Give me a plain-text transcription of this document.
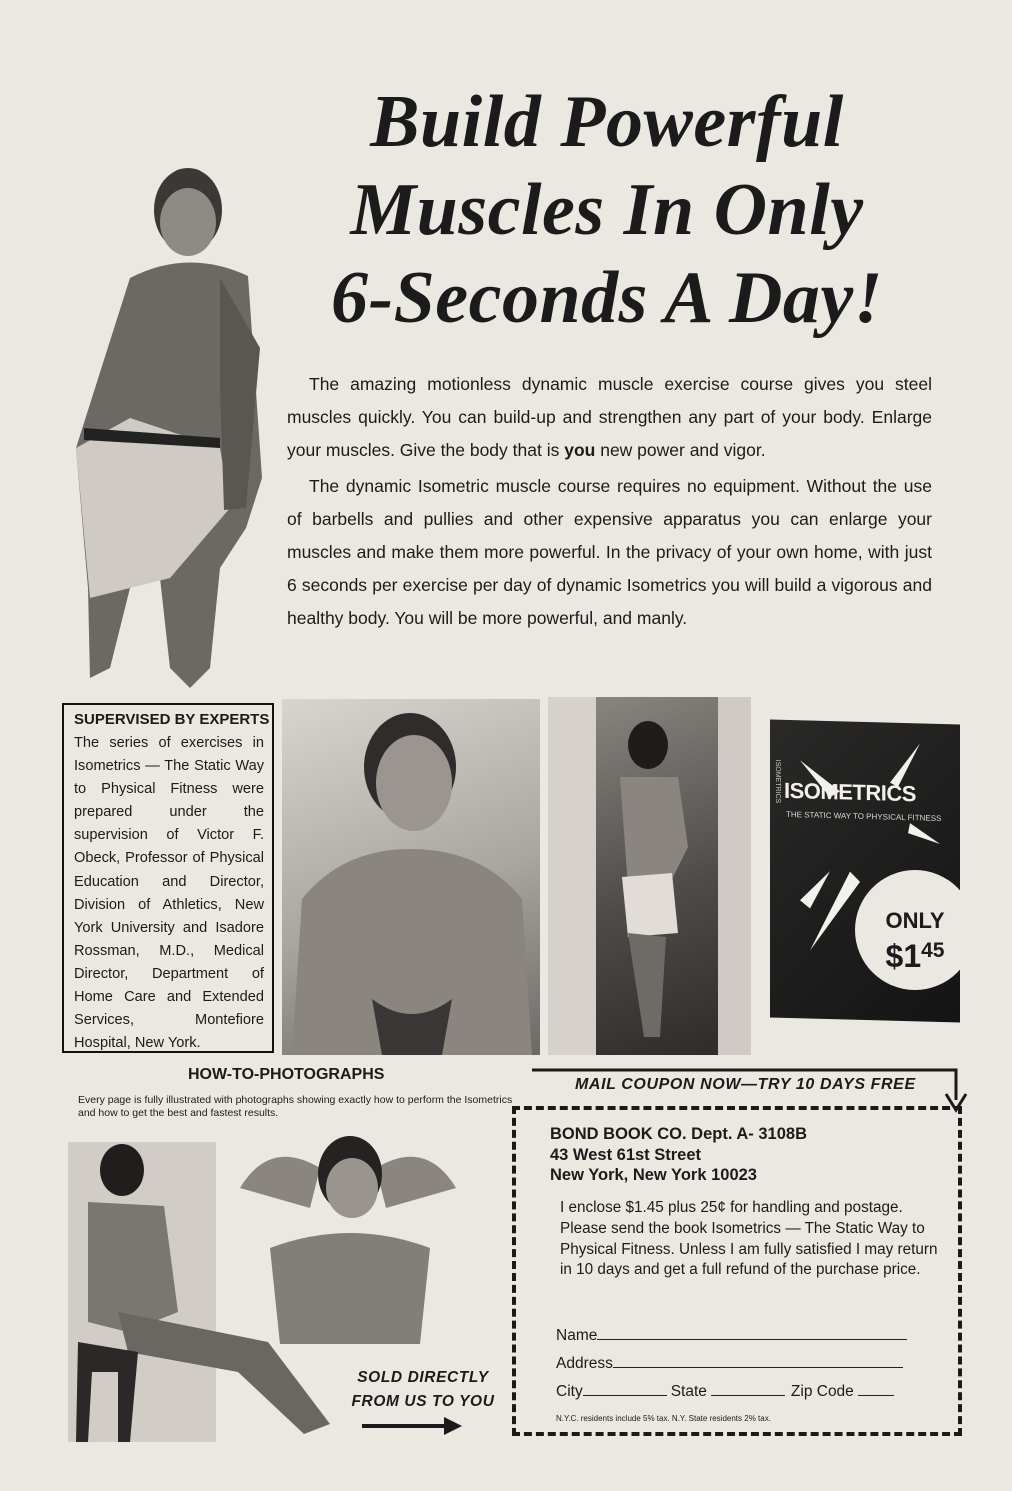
Build Powerful
Muscles In Only
6-Seconds A Day!

The amazing motionless dynamic muscle exercise course gives you steel muscles quickly. You can build-up and strengthen any part of your body. Enlarge your muscles. Give the body that is you new power and vigor.

The dynamic Isometric muscle course requires no equipment. Without the use of barbells and pullies and other expensive apparatus you can enlarge your muscles and make them more powerful. In the privacy of your own home, with just 6 seconds per exercise per day of dynamic Isometrics you will build a vigorous and healthy body. You will be more powerful, and manly.

SUPERVISED BY EXPERTS
The series of exercises in Isometrics — The Static Way to Physical Fitness were prepared under the supervision of Victor F. Obeck, Professor of Physical Education and Director, Division of Athletics, New York University and Isadore Rossman, M.D., Medical Director, Department of Home Care and Extended Services, Montefiore Hospital, New York.
ISOMETRICS ISOMETRICS
THE STATIC WAY TO PHYSICAL FITNESS
ONLY
$\$1^{45}$
HOW-TO-PHOTOGRAPHS
Every page is fully illustrated with photographs showing exactly how to perform the Isometrics and how to get the best and fastest results.
SOLD DIRECTLY
FROM US TO YOU
MAIL COUPON NOW—TRY 10 DAYS FREE
BOND BOOK CO. Dept. A- 3108B
43 West 61st Street
New York, New York 10023
I enclose $1.45 plus 25¢ for handling and postage. Please send the book Isometrics — The Static Way to Physical Fitness. Unless I am fully satisfied I may return in 10 days and get a full refund of the purchase price.
Name
Address
City	State	Zip Code
N.Y.C. residents include 5% tax. N.Y. State residents 2% tax.
